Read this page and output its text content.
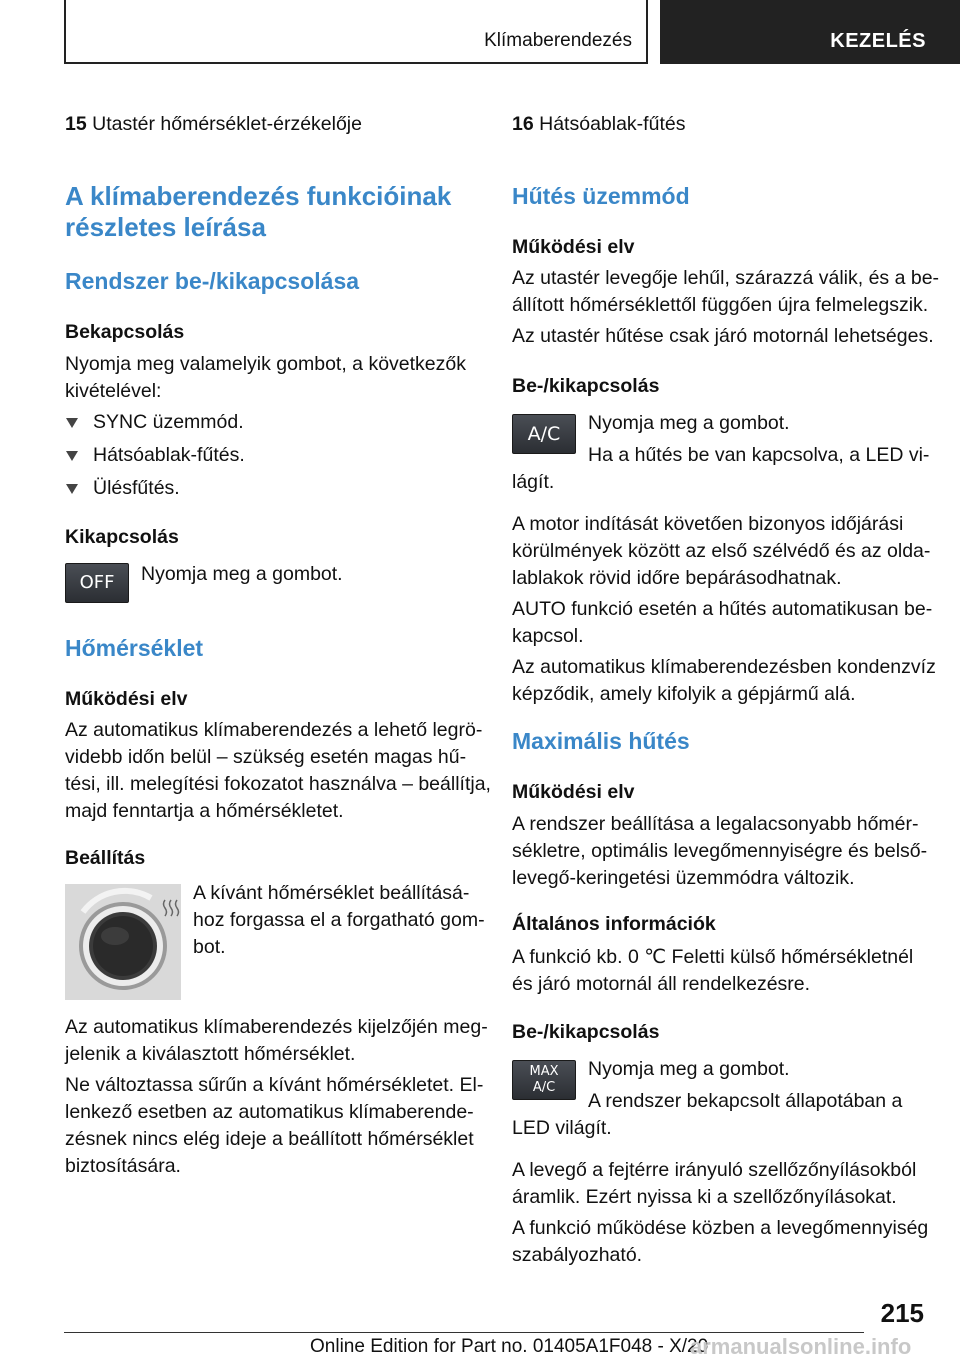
Klímaberendezés	KEZELÉS
15 Utastér hőmérséklet-érzékelője
A klímaberendezés funkcióinak
részletes leírása
Rendszer be-/kikapcsolása
Bekapcsolás
Nyomja meg valamelyik gombot, a következők
kivételével:
SYNC üzemmód.
Hátsóablak-fűtés.
Ülésfűtés.
Kikapcsolás
OFF	Nyomja meg a gombot.
Hőmérséklet
Működési elv
Az automatikus klímaberendezés a lehető legrö-
videbb időn belül – szükség esetén magas hű-
tési, ill. melegítési fokozatot használva – beállítja,
majd fenntartja a hőmérsékletet.
Beállítás
A kívánt hőmérséklet beállításá-
hoz forgassa el a forgatható gom-
bot.
Az automatikus klímaberendezés kijelzőjén meg-
jelenik a kiválasztott hőmérséklet.
Ne változtassa sűrűn a kívánt hőmérsékletet. El-
lenkező esetben az automatikus klímaberende-
zésnek nincs elég ideje a beállított hőmérséklet
biztosítására.
16 Hátsóablak-fűtés
Hűtés üzemmód
Működési elv
Az utastér levegője lehűl, szárazzá válik, és a be-
állított hőmérséklettől függően újra felmelegszik.
Az utastér hűtése csak járó motornál lehetséges.
Be-/kikapcsolás
A/C	Nyomja meg a gombot.
Ha a hűtés be van kapcsolva, a LED vi-
lágít.
A motor indítását követően bizonyos időjárási
körülmények között az első szélvédő és az olda-
lablakok rövid időre bepárásodhatnak.
AUTO funkció esetén a hűtés automatikusan be-
kapcsol.
Az automatikus klímaberendezésben kondenzvíz
képződik, amely kifolyik a gépjármű alá.
Maximális hűtés
Működési elv
A rendszer beállítása a legalacsonyabb hőmér-
sékletre, optimális levegőmennyiségre és belső-
levegő-keringetési üzemmódra változik.
Általános információk
A funkció kb. 0 ℃ Feletti külső hőmérsékletnél
és járó motornál áll rendelkezésre.
Be-/kikapcsolás
MAX
A/C
Nyomja meg a gombot.
A rendszer bekapcsolt állapotában a
LED világít.
A levegő a fejtérre irányuló szellőzőnyílásokból
áramlik. Ezért nyissa ki a szellőzőnyílásokat.
A funkció működése közben a levegőmennyiség
szabályozható.
215
Online Edition for Part no. 01405A1F048 - X/20
armanualsonline.info
